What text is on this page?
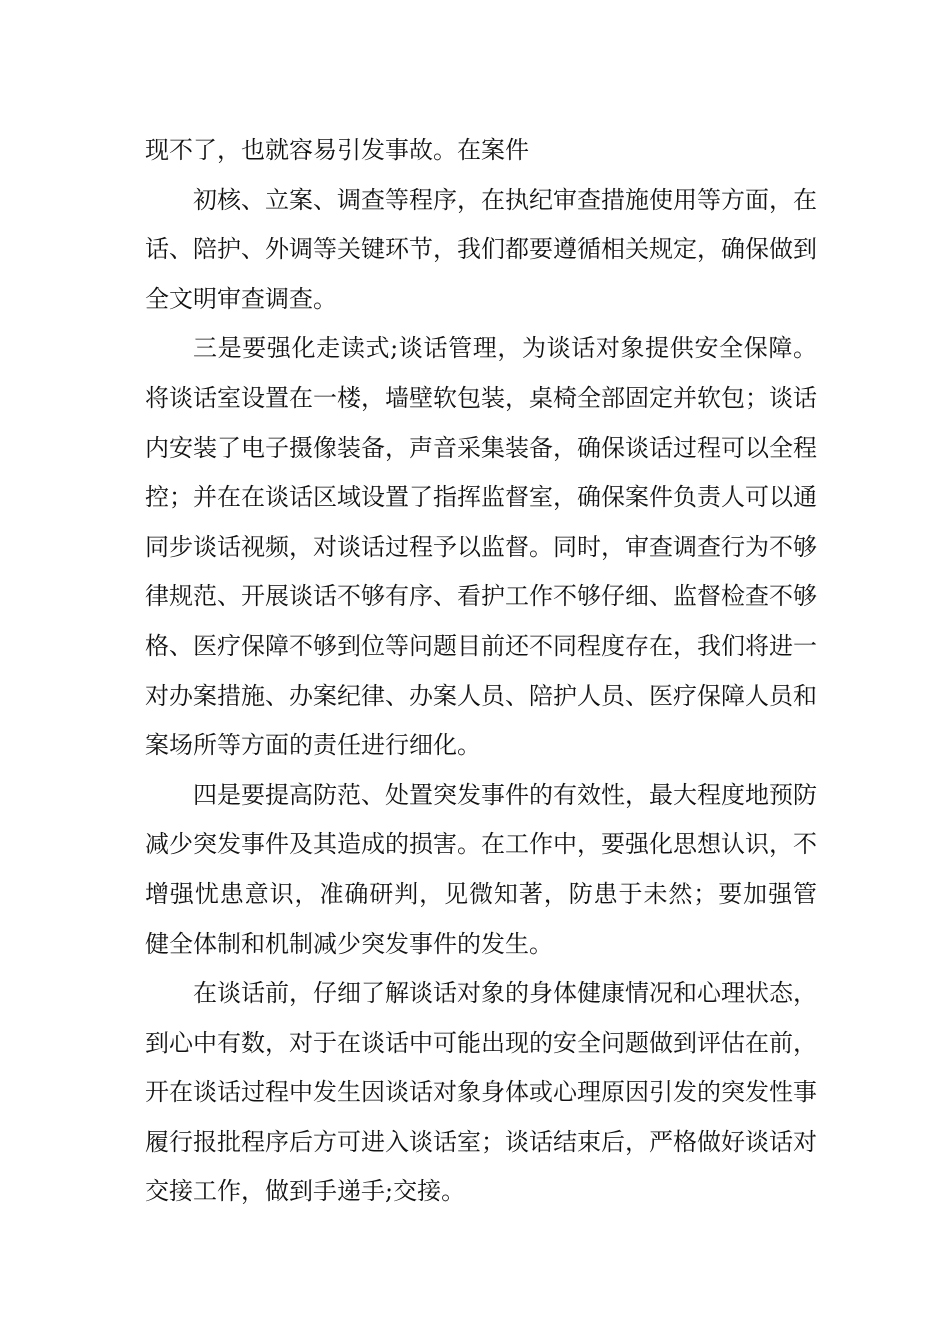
现不了，也就容易引发事故。在案件
初核、立案、调查等程序，在执纪审查措施使用等方面，在
话、陪护、外调等关键环节，我们都要遵循相关规定，确保做到
全文明审查调查。
三是要强化走读式;谈话管理，为谈话对象提供安全保障。
将谈话室设置在一楼，墙壁软包装，桌椅全部固定并软包；谈话
内安装了电子摄像装备，声音采集装备，确保谈话过程可以全程
控；并在在谈话区域设置了指挥监督室，确保案件负责人可以通
同步谈话视频，对谈话过程予以监督。同时，审查调查行为不够
律规范、开展谈话不够有序、看护工作不够仔细、监督检查不够
格、医疗保障不够到位等问题目前还不同程度存在，我们将进一
对办案措施、办案纪律、办案人员、陪护人员、医疗保障人员和
案场所等方面的责任进行细化。
四是要提高防范、处置突发事件的有效性，最大程度地预防
减少突发事件及其造成的损害。在工作中，要强化思想认识，不
增强忧患意识，准确研判，见微知著，防患于未然；要加强管
健全体制和机制减少突发事件的发生。
在谈话前，仔细了解谈话对象的身体健康情况和心理状态，
到心中有数，对于在谈话中可能出现的安全问题做到评估在前，
开在谈话过程中发生因谈话对象身体或心理原因引发的突发性事
履行报批程序后方可进入谈话室；谈话结束后，严格做好谈话对
交接工作，做到手递手;交接。
